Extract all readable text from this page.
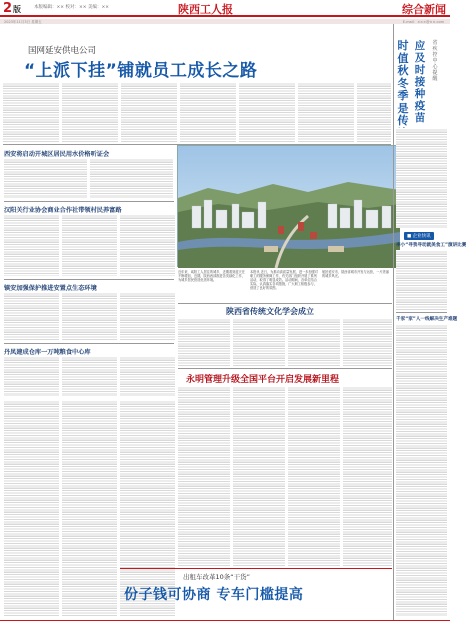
2版	本版编辑：×× 校对：×× 美编：××	陕西工人报	综合新闻
2023年11月3日 星期五	E-mail：×××@××.com
国网延安供电公司
“上派下挂”铺就员工成长之路
西安将启动开城区居民用水价格听证会
汉阳关行业协会商业合作社带领村民养富路
镇安加强保护推进安置点生态环境
丹凤建成仓库一万吨粮食中心库
近年来，咸阳工人居住的城乡，近期看到蓝天在不断增加，近期，陕西西部推进各类绿化工作，为城乡居民营造优美环境。
本报讯 近日，为推动高质量发展，进一步加强对职工的服务保障工作，有关部门组织开展了系列活动，取得了明显成效。活动期间，各单位结合实际，认真落实各项措施，广大职工积极参与，营造了良好的氛围。
航拍延安市，陕西省城市开发与运营，一片美丽的城乡风光。
陕西省传统文化学会成立
永明管理升级全国平台开启发展新里程
时值秋冬季是传
应及时接种疫苗
省疾控中心提醒
■ 企业快讯
李小“寻我寻动就美食工”演讲比赛
千家“家”人一线解决生产难题
出租车改革10条“干货”
份子钱可协商 专车门槛提高
